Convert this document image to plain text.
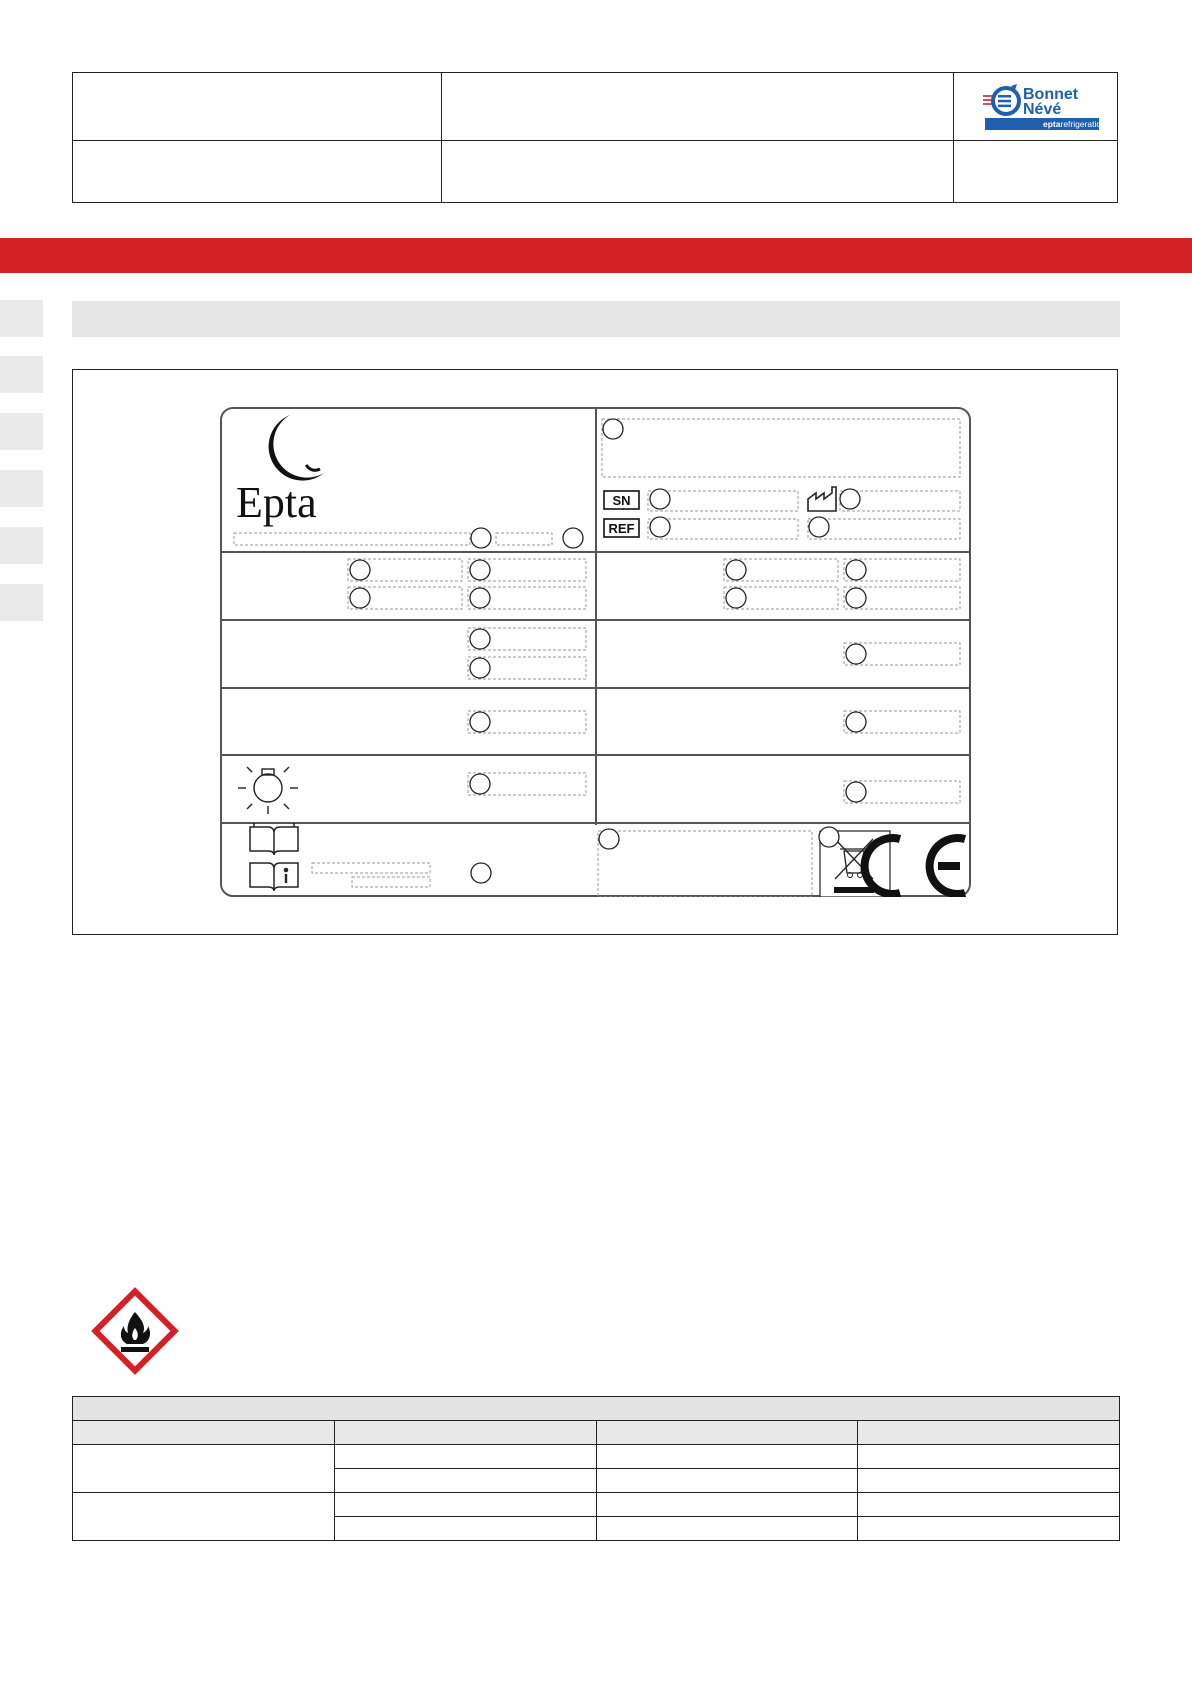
Bonnet
Névé
eptarefrigeration
Epta	SN
REF
